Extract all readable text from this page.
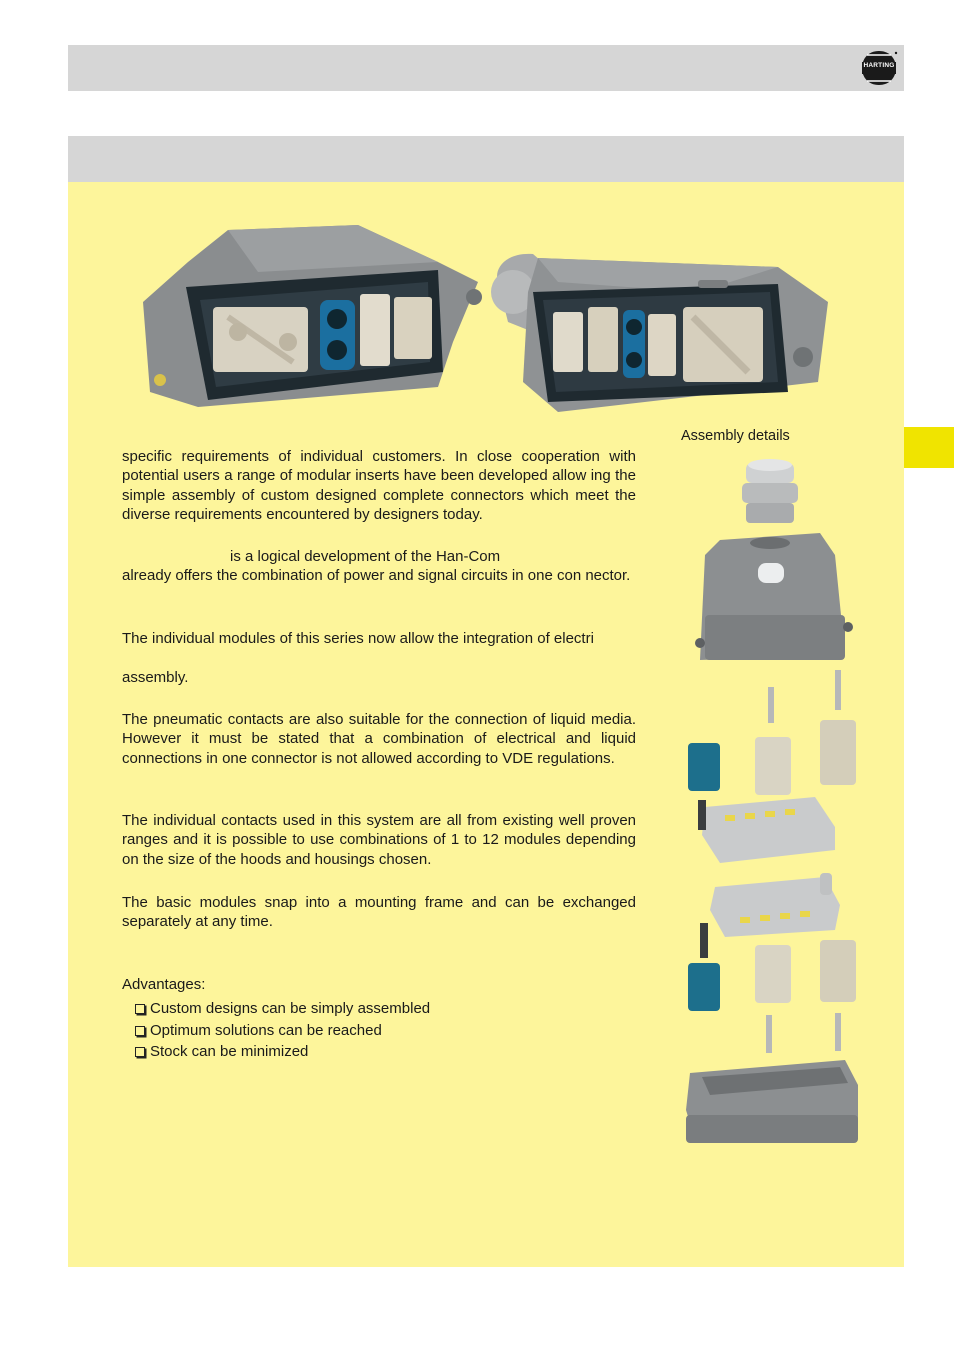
HARTING
Assembly details

specific requirements of individual customers. In close cooperation with potential users a range of modular inserts have been developed allow ing the simple assembly of custom designed complete connectors which meet the diverse requirements encountered by designers today.

is a logical development of the Han-Com
already offers the combination of power and signal circuits in one con nector.

The individual modules of this series now allow the integration of electri

assembly.

The pneumatic contacts are also suitable for the connection of liquid media. However it must be stated that a combination of electrical and liquid connections in one connector is not allowed according to VDE regulations.

The individual contacts used in this system are all from existing well proven ranges and it is possible to use combinations of 1 to 12 modules depending on the size of the hoods and housings chosen.

The basic modules snap into a mounting frame and can be exchanged separately at any time.

Advantages:

Custom designs can be simply assembled
Optimum solutions can be reached
Stock can be minimized
